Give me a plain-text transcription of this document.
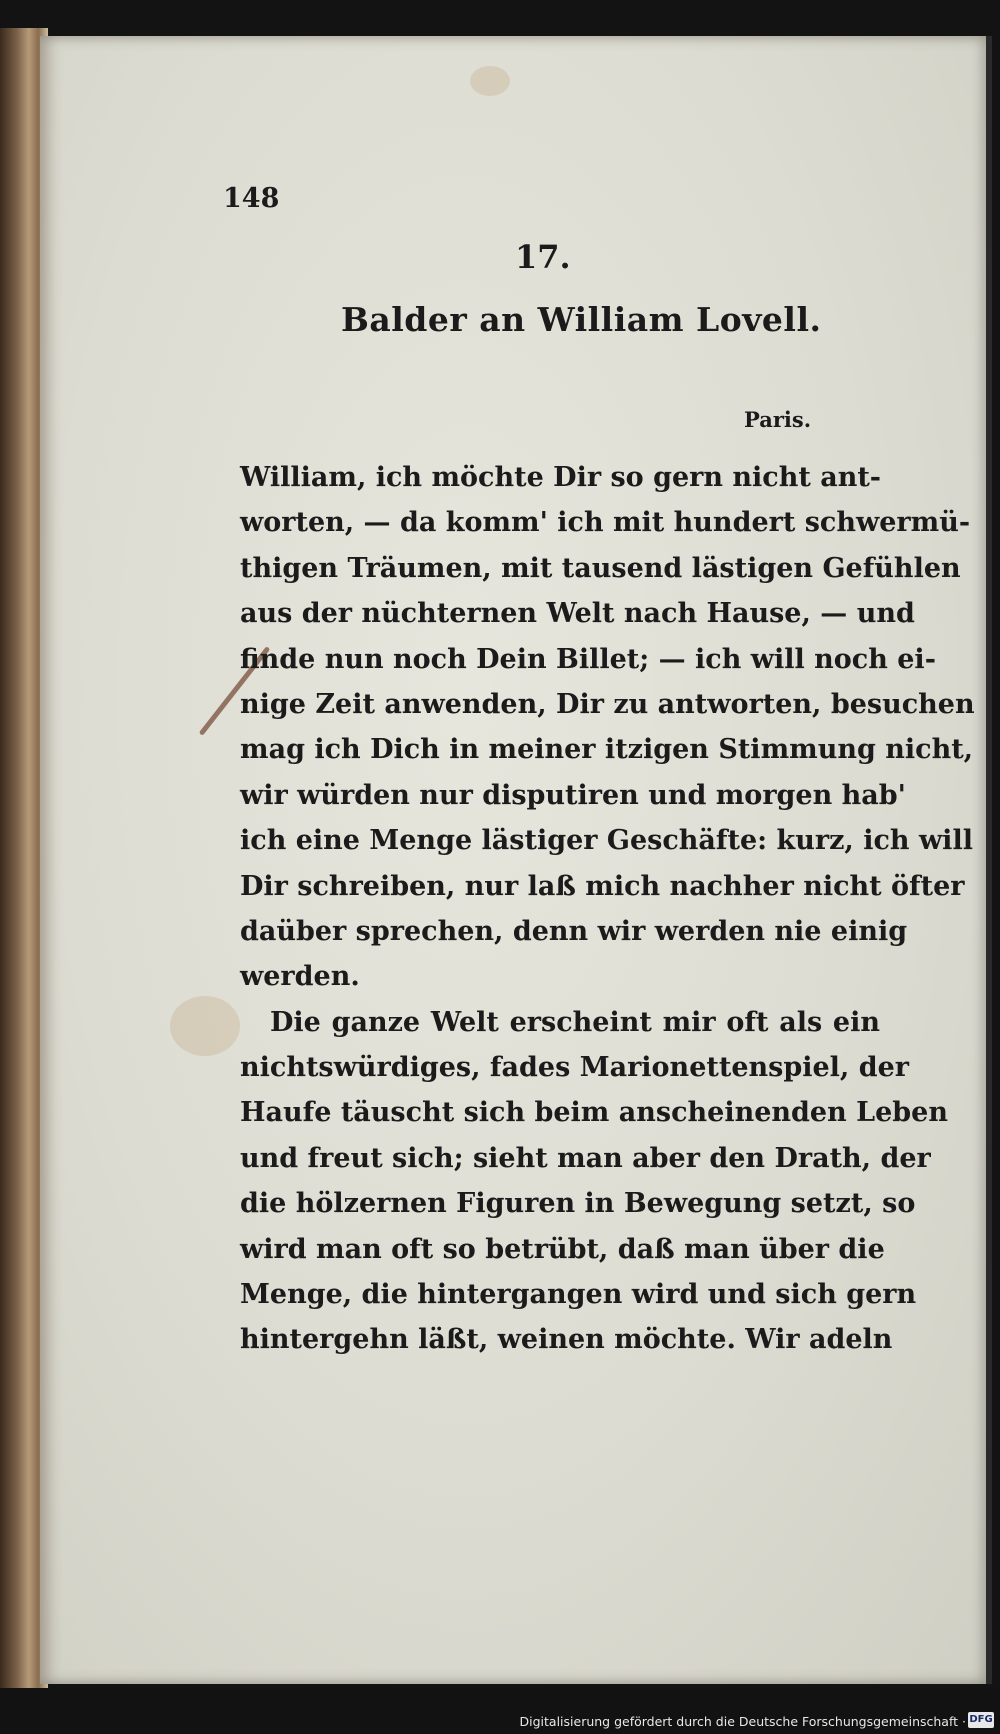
148
17.
Balder an William Lovell.
Paris.
William, ich möchte Dir so gern nicht ant-
worten, — da komm' ich mit hundert schwermü-
thigen Träumen, mit tausend lästigen Gefühlen
aus der nüchternen Welt nach Hause, — und
finde nun noch Dein Billet; — ich will noch ei-
nige Zeit anwenden, Dir zu antworten, besuchen
mag ich Dich in meiner itzigen Stimmung nicht,
wir würden nur disputiren und morgen hab'
ich eine Menge lästiger Geschäfte: kurz, ich will
Dir schreiben, nur laß mich nachher nicht öfter
daüber sprechen, denn wir werden nie einig
werden.
Die ganze Welt erscheint mir oft als ein
nichtswürdiges, fades Marionettenspiel, der
Haufe täuscht sich beim anscheinenden Leben
und freut sich; sieht man aber den Drath, der
die hölzernen Figuren in Bewegung setzt, so
wird man oft so betrübt, daß man über die
Menge, die hintergangen wird und sich gern
hintergehn läßt, weinen möchte. Wir adeln
Digitalisierung gefördert durch die Deutsche Forschungsgemeinschaft · DFG
